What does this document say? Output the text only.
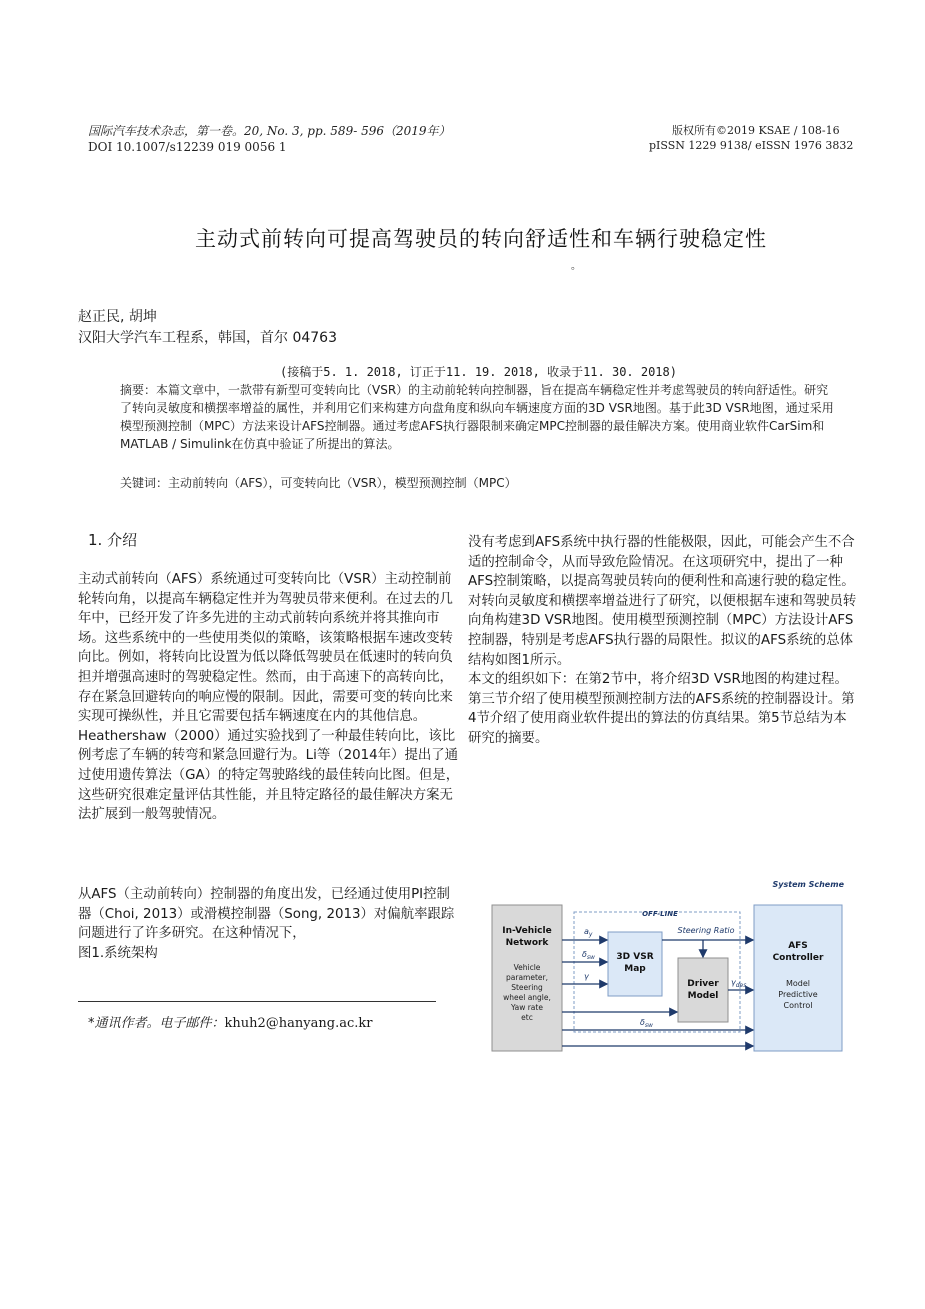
国际汽车技术杂志，第一卷。20, No. 3, pp. 589- 596（2019年）
DOI 10.1007/s12239 019 0056 1
版权所有©2019 KSAE / 108-16
pISSN 1229 9138/ eISSN 1976 3832
主动式前转向可提高驾驶员的转向舒适性和车辆行驶稳定性
。
赵正民, 胡坤
汉阳大学汽车工程系，韩国，首尔 04763
(接稿于5. 1. 2018, 订正于11. 19. 2018, 收录于11. 30. 2018)
摘要：本篇文章中，一款带有新型可变转向比（VSR）的主动前轮转向控制器，旨在提高车辆稳定性并考虑驾驶员的转向舒适性。研究了转向灵敏度和横摆率增益的属性，并利用它们来构建方向盘角度和纵向车辆速度方面的3D VSR地图。基于此3D VSR地图，通过采用模型预测控制（MPC）方法来设计AFS控制器。通过考虑AFS执行器限制来确定MPC控制器的最佳解决方案。使用商业软件CarSim和MATLAB / Simulink在仿真中验证了所提出的算法。
关键词：主动前转向（AFS），可变转向比（VSR），模型预测控制（MPC）
1. 介绍

主动式前转向（AFS）系统通过可变转向比（VSR）主动控制前轮转向角，以提高车辆稳定性并为驾驶员带来便利。在过去的几年中，已经开发了许多先进的主动式前转向系统并将其推向市场。这些系统中的一些使用类似的策略，该策略根据车速改变转向比。例如，将转向比设置为低以降低驾驶员在低速时的转向负担并增强高速时的驾驶稳定性。然而，由于高速下的高转向比，存在紧急回避转向的响应慢的限制。因此，需要可变的转向比来实现可操纵性，并且它需要包括车辆速度在内的其他信息。

Heathershaw（2000）通过实验找到了一种最佳转向比，该比例考虑了车辆的转弯和紧急回避行为。Li等（2014年）提出了通过使用遗传算法（GA）的特定驾驶路线的最佳转向比图。但是，这些研究很难定量评估其性能，并且特定路径的最佳解决方案无法扩展到一般驾驶情况。

从AFS（主动前转向）控制器的角度出发，已经通过使用PI控制器（Choi, 2013）或滑模控制器（Song, 2013）对偏航率跟踪问题进行了许多研究。在这种情况下，

图1.系统架构

没有考虑到AFS系统中执行器的性能极限，因此，可能会产生不合适的控制命令，从而导致危险情况。在这项研究中，提出了一种AFS控制策略，以提高驾驶员转向的便利性和高速行驶的稳定性。对转向灵敏度和横摆率增益进行了研究，以便根据车速和驾驶员转向角构建3D VSR地图。使用模型预测控制（MPC）方法设计AFS控制器，特别是考虑AFS执行器的局限性。拟议的AFS系统的总体结构如图1所示。

本文的组织如下：在第2节中，将介绍3D VSR地图的构建过程。第三节介绍了使用模型预测控制方法的AFS系统的控制器设计。第4节介绍了使用商业软件提出的算法的仿真结果。第5节总结为本研究的摘要。

*通讯作者。电子邮件：khuh2@hanyang.ac.kr
System Scheme
OFF-LINE
In-Vehicle
Network
Vehicle
parameter,
Steering
wheel angle,
Yaw rate
etc
3D VSR
Map
Driver
Model
AFS
Controller
Model
Predictive
Control
$a_y$
$\delta_{sw}$
γ
Steering Ratio
$\gamma_{des}$
$\delta_{sw}$
